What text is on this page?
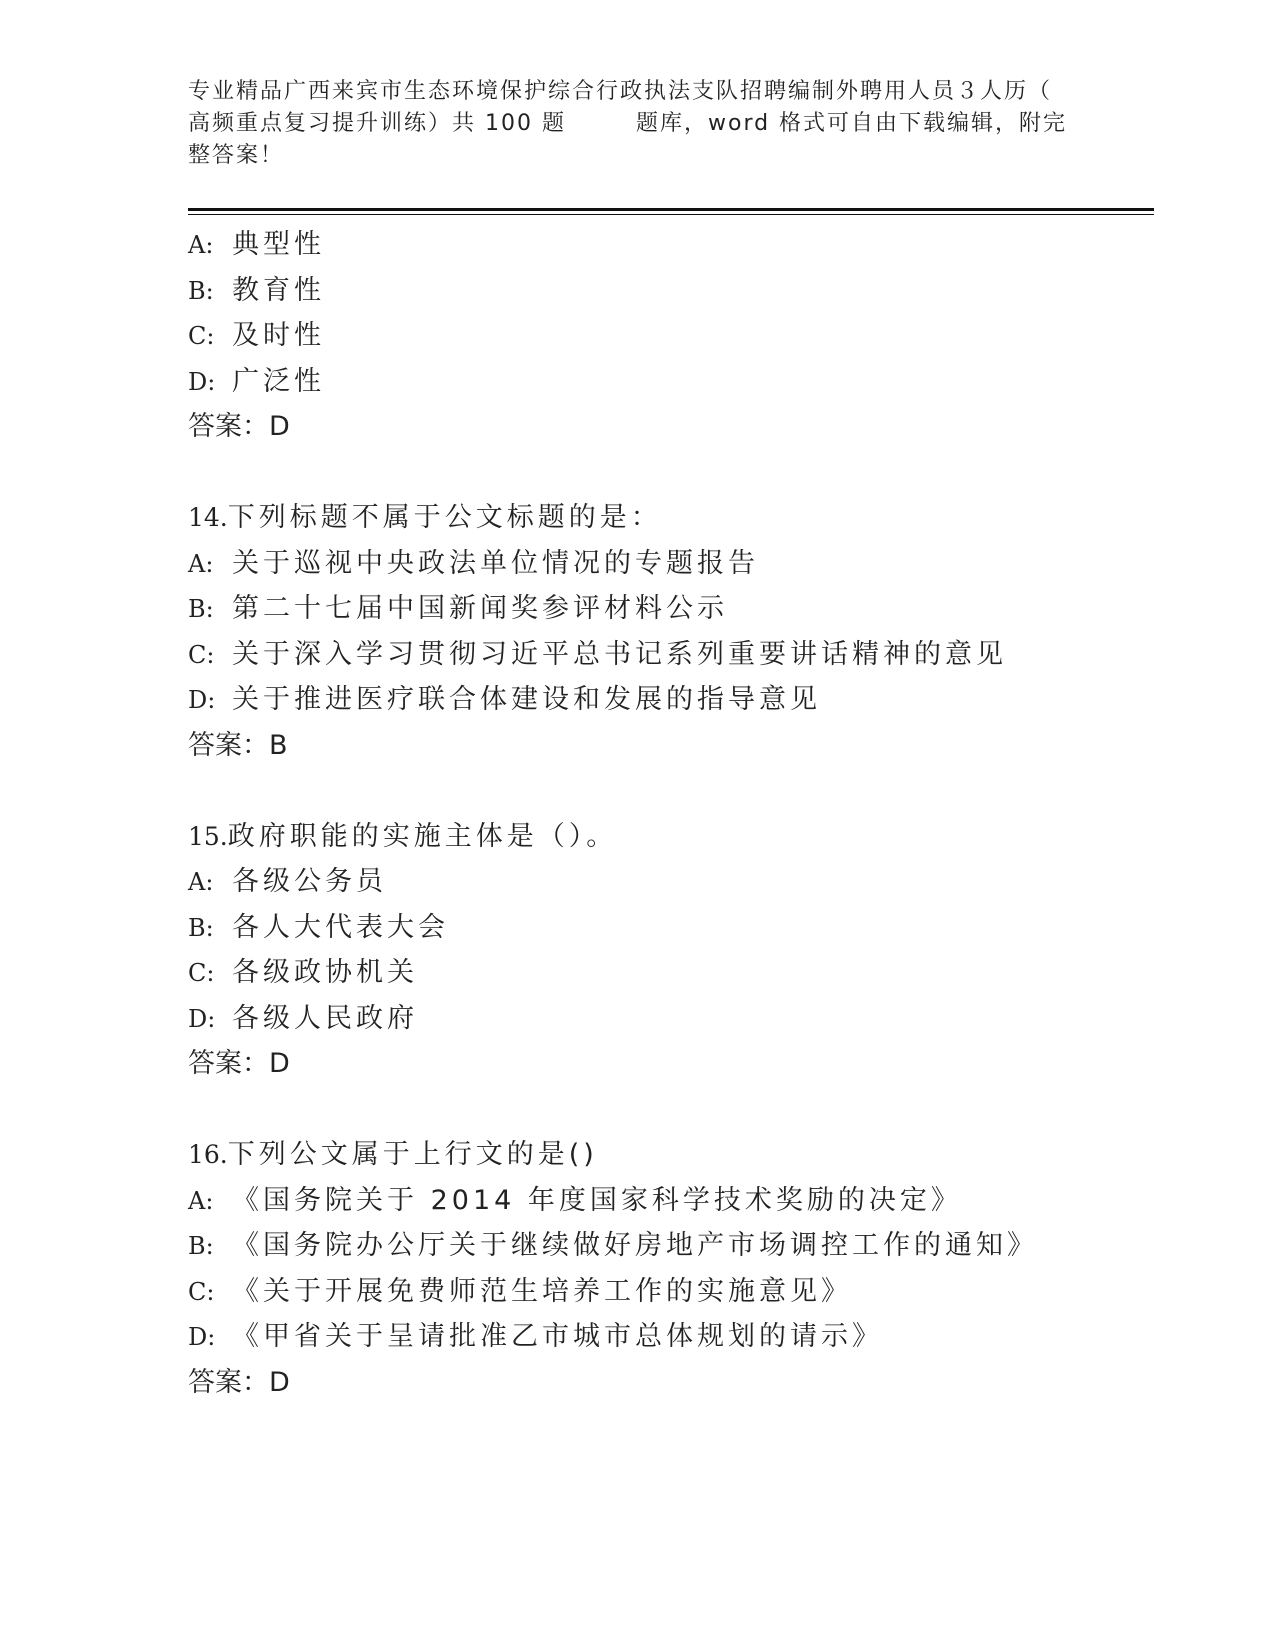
专业精品广西来宾市生态环境保护综合行政执法支队招聘编制外聘用人员３人历（
高频重点复习提升训练）共 100 题	题库，word 格式可自由下载编辑，附完
整答案！
A: 典型性
B: 教育性
C: 及时性
D: 广泛性
答案：D
14.下列标题不属于公文标题的是：
A: 关于巡视中央政法单位情况的专题报告
B: 第二十七届中国新闻奖参评材料公示
C: 关于深入学习贯彻习近平总书记系列重要讲话精神的意见
D: 关于推进医疗联合体建设和发展的指导意见
答案：B
15.政府职能的实施主体是（）。
A: 各级公务员
B: 各人大代表大会
C: 各级政协机关
D: 各级人民政府
答案：D
16.下列公文属于上行文的是()
A: 《国务院关于 2014 年度国家科学技术奖励的决定》
B: 《国务院办公厅关于继续做好房地产市场调控工作的通知》
C: 《关于开展免费师范生培养工作的实施意见》
D: 《甲省关于呈请批准乙市城市总体规划的请示》
答案：D
